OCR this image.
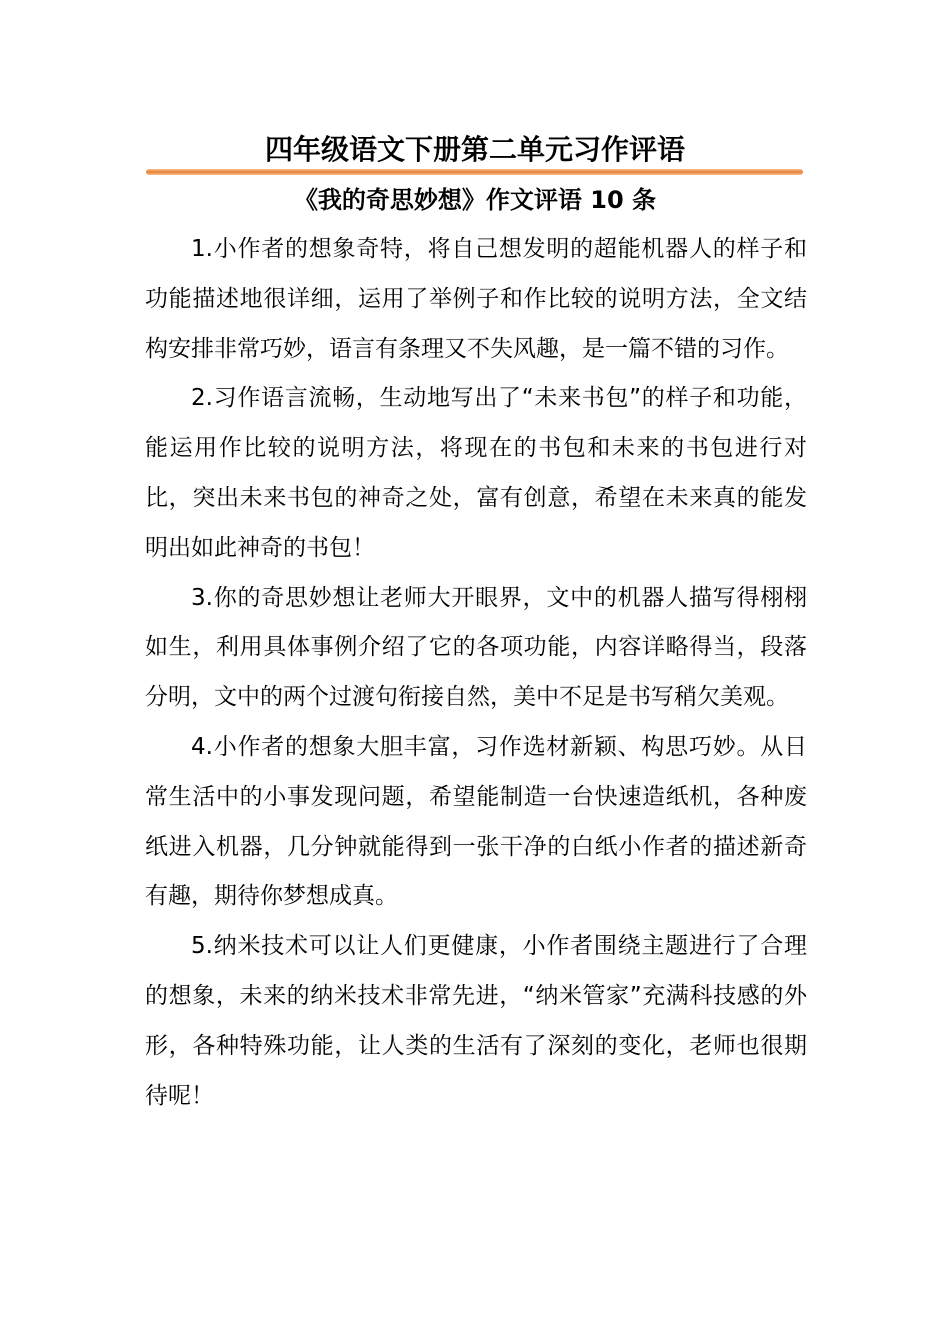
四年级语文下册第二单元习作评语
《我的奇思妙想》作文评语 10 条

1.小作者的想象奇特，将自己想发明的超能机器人的样子和功能描述地很详细，运用了举例子和作比较的说明方法，全文结构安排非常巧妙，语言有条理又不失风趣，是一篇不错的习作。

2.习作语言流畅，生动地写出了“未来书包”的样子和功能，能运用作比较的说明方法，将现在的书包和未来的书包进行对比，突出未来书包的神奇之处，富有创意，希望在未来真的能发明出如此神奇的书包！

3.你的奇思妙想让老师大开眼界，文中的机器人描写得栩栩如生，利用具体事例介绍了它的各项功能，内容详略得当，段落分明，文中的两个过渡句衔接自然，美中不足是书写稍欠美观。

4.小作者的想象大胆丰富，习作选材新颖、构思巧妙。从日常生活中的小事发现问题，希望能制造一台快速造纸机，各种废纸进入机器，几分钟就能得到一张干净的白纸小作者的描述新奇有趣，期待你梦想成真。

5.纳米技术可以让人们更健康，小作者围绕主题进行了合理的想象，未来的纳米技术非常先进，“纳米管家”充满科技感的外形，各种特殊功能，让人类的生活有了深刻的变化，老师也很期待呢！
